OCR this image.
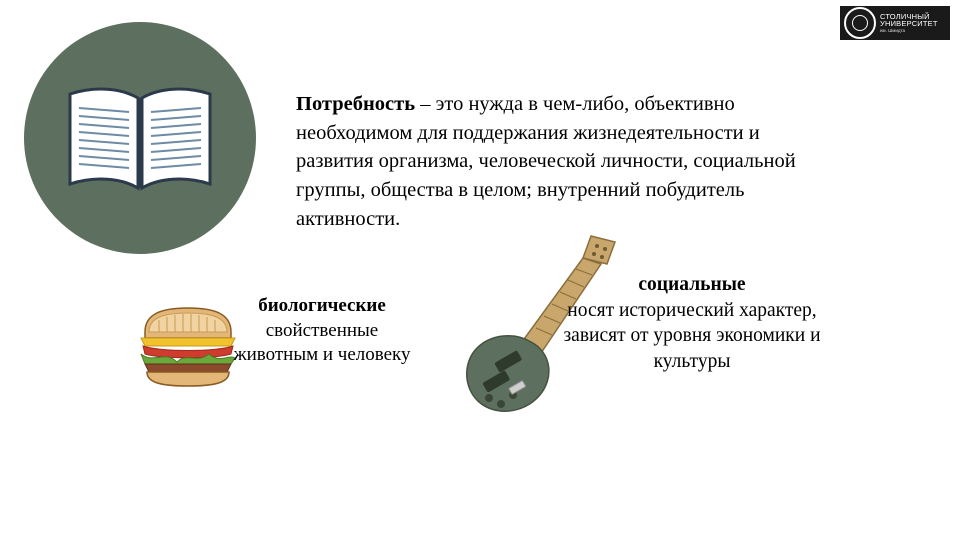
СТОЛИЧНЫЙ
УНИВЕРСИТЕТ
им. Шмидта
Потребность – это нужда в чем-либо, объективно необходимом для поддержания жизнедеятельности и развития организма, человеческой личности, социальной группы, общества в целом; внутренний побудитель активности.
биологические
свойственные животным и человеку
социальные
носят исторический характер, зависят от уровня экономики и культуры
